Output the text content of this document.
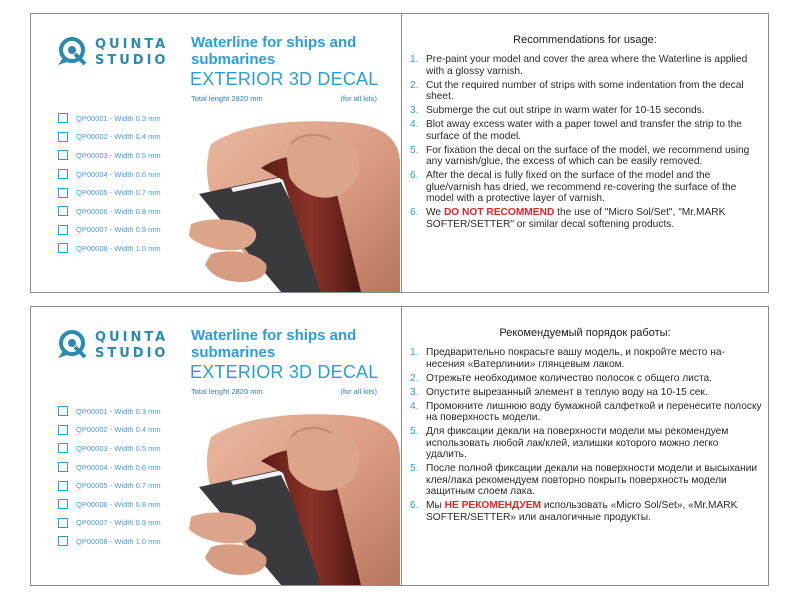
QUINTA
STUDIO
Waterline for ships and submarines
EXTERIOR 3D DECAL
Total lenght 2820 mm	(for all kits)
QP00001 - Width 0.3 mm
QP00002 - Width 0.4 mm
QP00003 - Width 0.5 mm
QP00004 - Width 0.6 mm
QP00005 - Width 0.7 mm
QP00006 - Width 0.8 mm
QP00007 - Width 0.9 mm
QP00008 - Width 1.0 mm
Recommendations for usage:
1. Pre-paint your model and cover the area where the Waterline is applied with a glossy varnish.
2. Cut the required number of strips with some indentation from the decal sheet.
3. Submerge the cut out stripe in warm water for 10-15 seconds.
4. Blot away excess water with a paper towel and transfer the strip to the surface of the model.
5. For fixation the decal on the surface of the model, we recommend using any varnish/glue, the excess of which can be easily removed.
6. After the decal is fully fixed on the surface of the model and the glue/varnish has dried, we recommend re-covering the surface of the model with a protective layer of varnish.
6. We DO NOT RECOMMEND the use of "Micro Sol/Set", "Mr.MARK SOFTER/SETTER" or similar decal softening products.
QUINTA
STUDIO
Waterline for ships and submarines
EXTERIOR 3D DECAL
Total lenght 2820 mm	(for all kits)
QP00001 - Width 0.3 mm
QP00002 - Width 0.4 mm
QP00003 - Width 0.5 mm
QP00004 - Width 0.6 mm
QP00005 - Width 0.7 mm
QP00006 - Width 0.8 mm
QP00007 - Width 0.9 mm
QP00008 - Width 1.0 mm
Рекомендуемый порядок работы:
1. Предварительно покрасьте вашу модель, и покройте место на-несения «Ватерлинии» глянцевым лаком.
2. Отрежьте необходимое количество полосок с общего листа.
3. Опустите вырезанный элемент в теплую воду на 10-15 сек.
4. Промокните лишнюю воду бумажной салфеткой и перенесите полоску на поверхность модели.
5. Для фиксации декали на поверхности модели мы рекомендуем использовать любой лак/клей, излишки которого можно легко удалить.
5. После полной фиксации декали на поверхности модели и высыхании клея/лака рекомендуем повторно покрыть поверхность модели защитным слоем лака.
6. Мы НЕ РЕКОМЕНДУЕМ использовать «Micro Sol/Set», «Mr.MARK SOFTER/SETTER» или аналогичные продукты.
